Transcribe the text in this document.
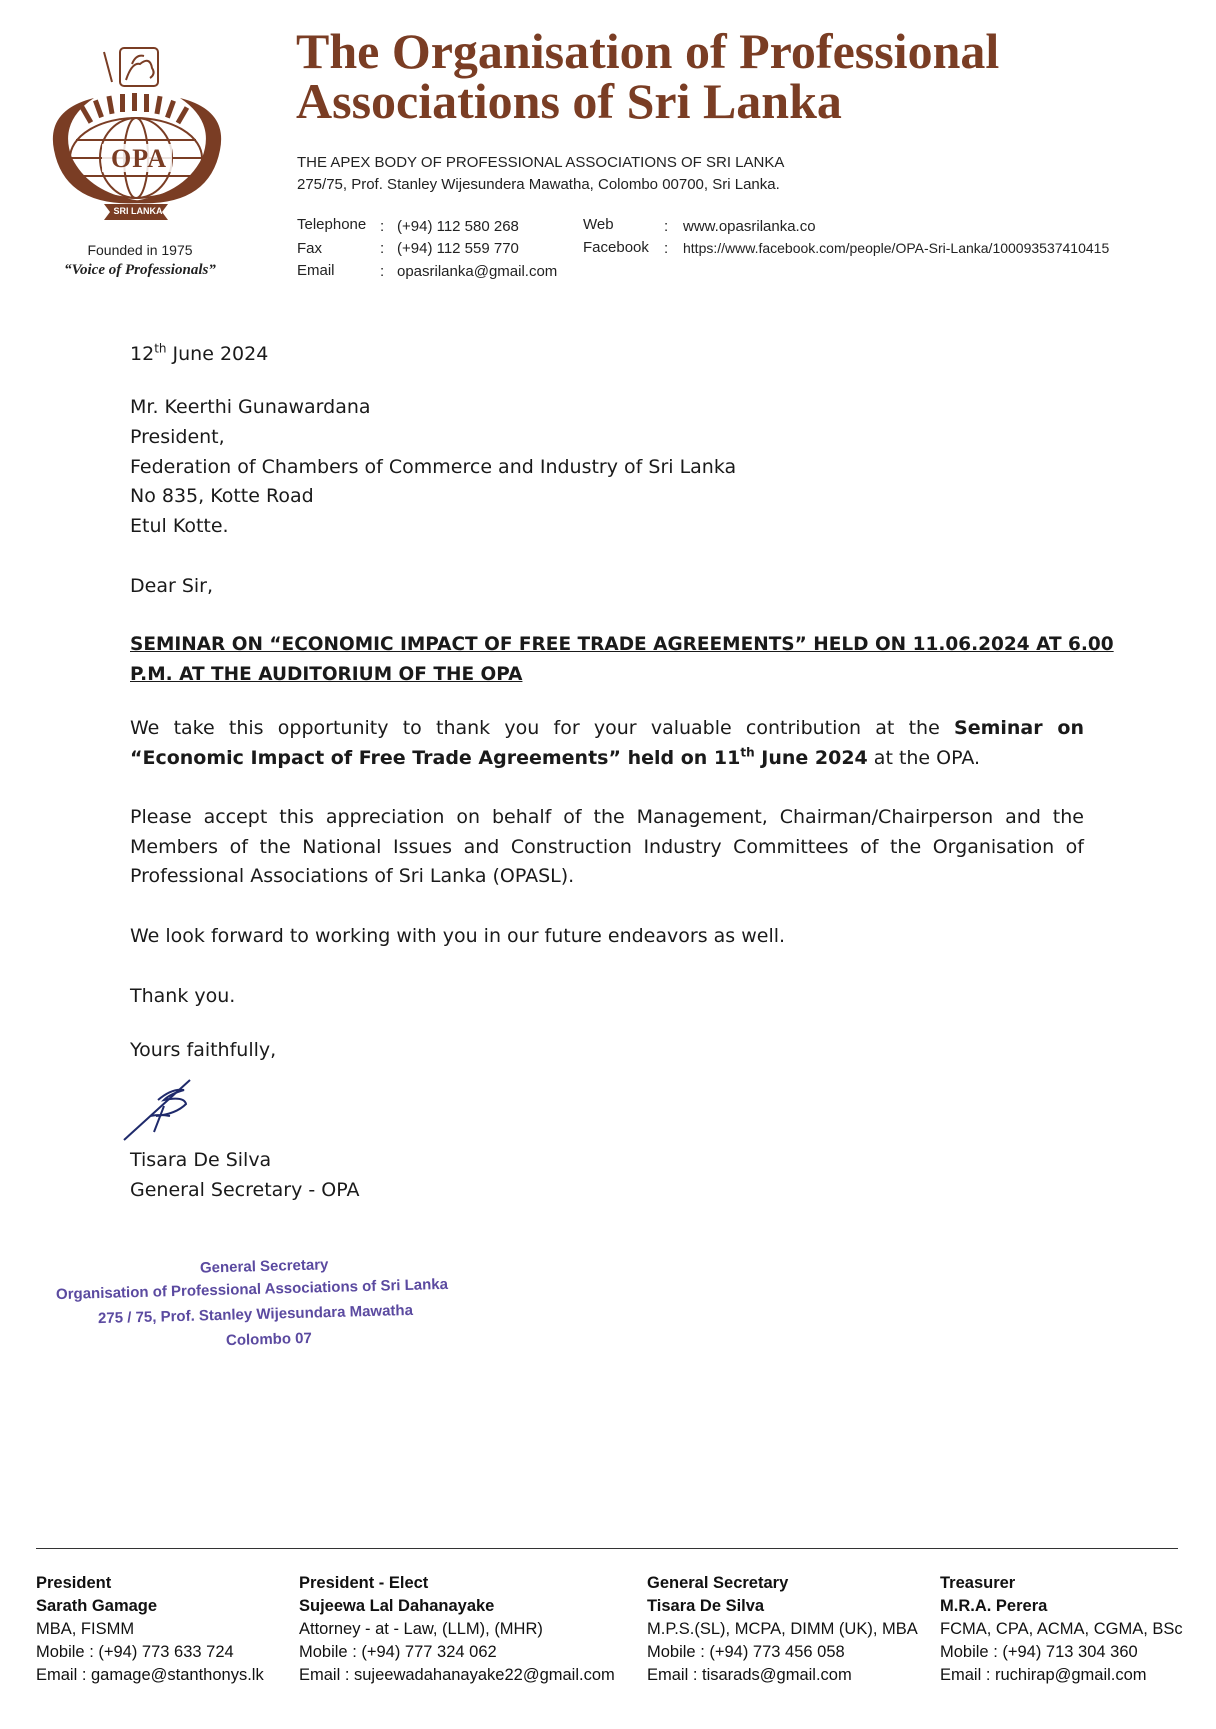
OPA
SRI LANKA
Founded in 1975
“Voice of Professionals”
The Organisation of Professional
Associations of Sri Lanka
THE APEX BODY OF PROFESSIONAL ASSOCIATIONS OF SRI LANKA
275/75, Prof. Stanley Wijesundera Mawatha, Colombo 00700, Sri Lanka.
Telephone : (+94) 112 580 268
Fax	: (+94) 112 559 770
Email	: opasrilanka@gmail.com
Web	: www.opasrilanka.co
Facebook : https://www.facebook.com/people/OPA-Sri-Lanka/100093537410415
12th June 2024
Mr. Keerthi Gunawardana
President,
Federation of Chambers of Commerce and Industry of Sri Lanka
No 835, Kotte Road
Etul Kotte.
Dear Sir,
SEMINAR ON “ECONOMIC IMPACT OF FREE TRADE AGREEMENTS” HELD ON 11.06.2024 AT 6.00
P.M. AT THE AUDITORIUM OF THE OPA
We take this opportunity to thank you for your valuable contribution at the Seminar on “Economic Impact of Free Trade Agreements” held on 11th June 2024 at the OPA.
Please accept this appreciation on behalf of the Management, Chairman/Chairperson and the Members of the National Issues and Construction Industry Committees of the Organisation of Professional Associations of Sri Lanka (OPASL).
We look forward to working with you in our future endeavors as well.
Thank you.
Yours faithfully,
Tisara De Silva
General Secretary - OPA
General Secretary
Organisation of Professional Associations of Sri Lanka
275 / 75, Prof. Stanley Wijesundara Mawatha
Colombo 07
President
Sarath Gamage
MBA, FISMM
Mobile : (+94) 773 633 724
Email : gamage@stanthonys.lk
President - Elect
Sujeewa Lal Dahanayake
Attorney - at - Law, (LLM), (MHR)
Mobile : (+94) 777 324 062
Email : sujeewadahanayake22@gmail.com
General Secretary
Tisara De Silva
M.P.S.(SL), MCPA, DIMM (UK), MBA
Mobile : (+94) 773 456 058
Email : tisarads@gmail.com
Treasurer
M.R.A. Perera
FCMA, CPA, ACMA, CGMA, BSc
Mobile : (+94) 713 304 360
Email : ruchirap@gmail.com
